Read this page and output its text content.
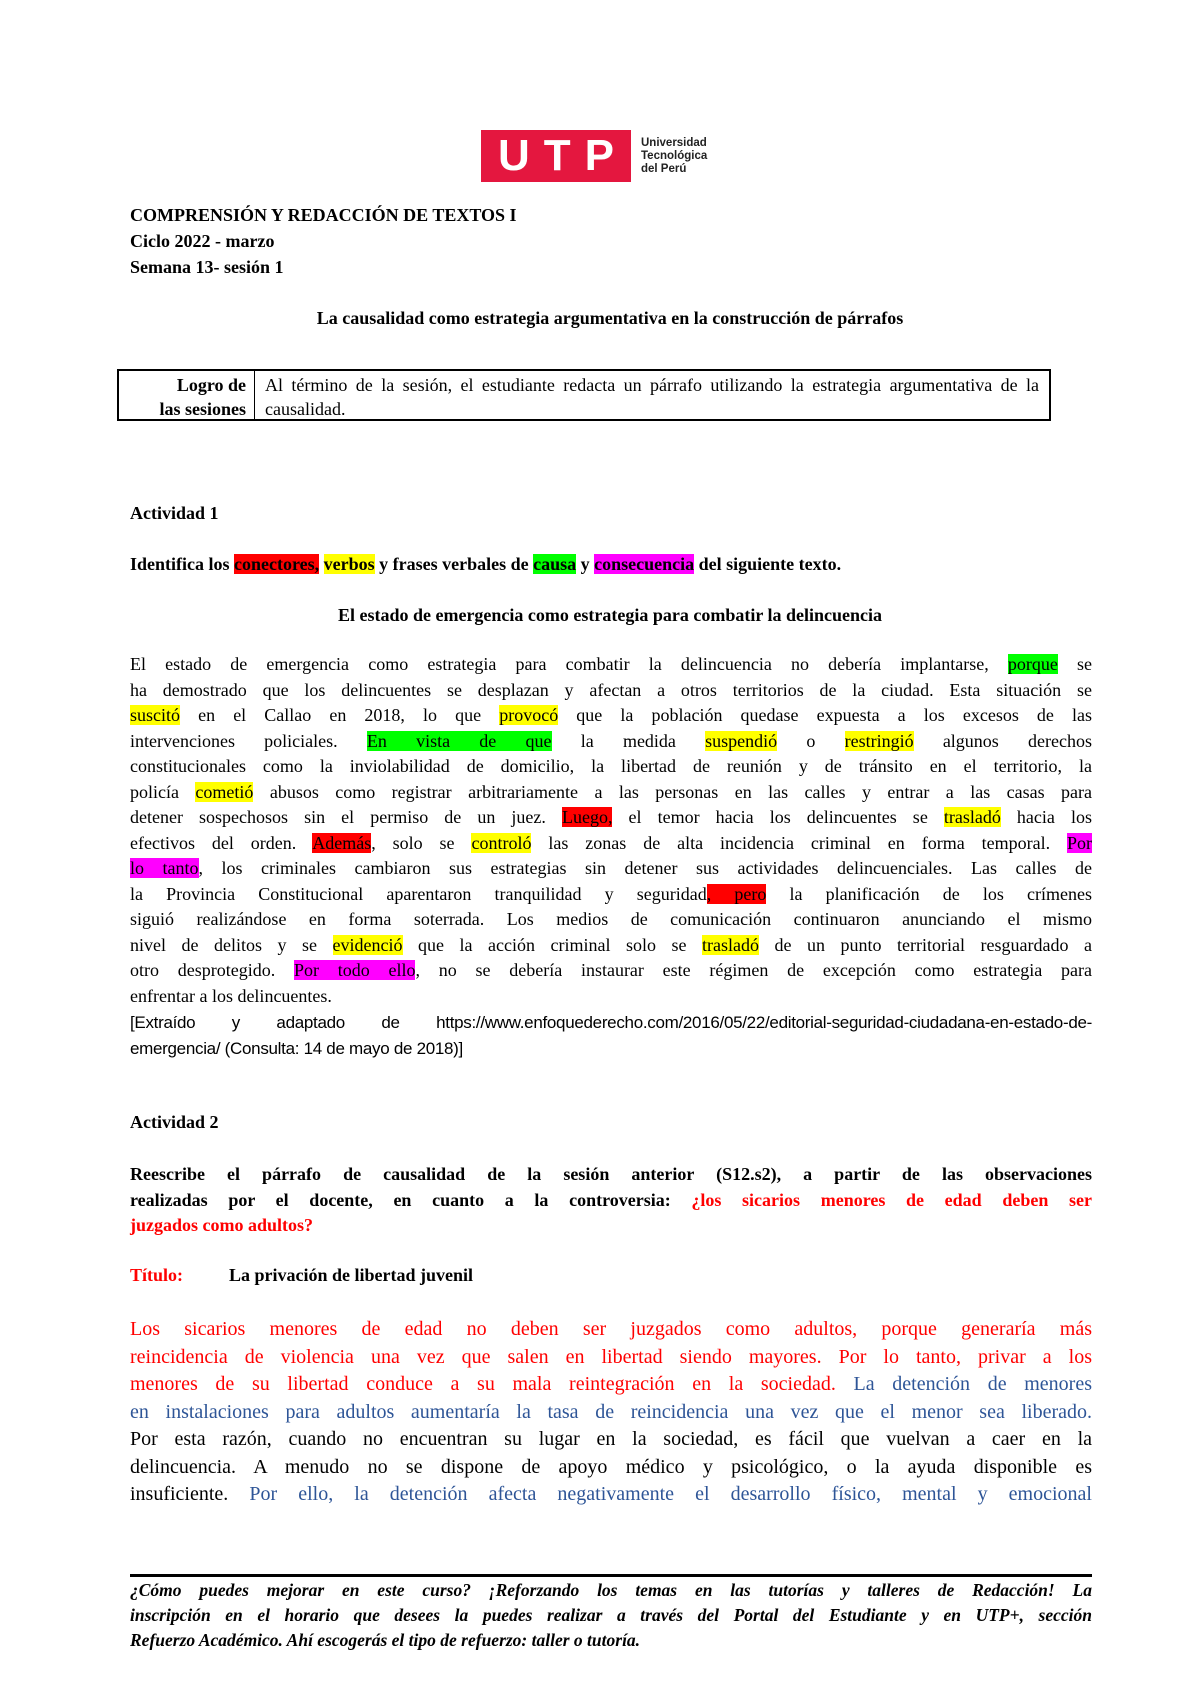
U T P Universidad
Tecnológica
del Perú
COMPRENSIÓN Y REDACCIÓN DE TEXTOS I
Ciclo 2022 - marzo
Semana 13- sesión 1
La causalidad como estrategia argumentativa en la construcción de párrafos
Logro de
las sesiones
Al término de la sesión, el estudiante redacta un párrafo utilizando la estrategia argumentativa de la causalidad.
Actividad 1
Identifica los conectores, verbos y frases verbales de causa y consecuencia del siguiente texto.
El estado de emergencia como estrategia para combatir la delincuencia
El estado de emergencia como estrategia para combatir la delincuencia no debería implantarse, porque se
ha demostrado que los delincuentes se desplazan y afectan a otros territorios de la ciudad. Esta situación se
suscitó en el Callao en 2018, lo que provocó que la población quedase expuesta a los excesos de las
intervenciones policiales. En vista de que la medida suspendió o restringió algunos derechos
constitucionales como la inviolabilidad de domicilio, la libertad de reunión y de tránsito en el territorio, la
policía cometió abusos como registrar arbitrariamente a las personas en las calles y entrar a las casas para
detener sospechosos sin el permiso de un juez. Luego, el temor hacia los delincuentes se trasladó hacia los
efectivos del orden. Además, solo se controló las zonas de alta incidencia criminal en forma temporal. Por
lo tanto, los criminales cambiaron sus estrategias sin detener sus actividades delincuenciales. Las calles de
la Provincia Constitucional aparentaron tranquilidad y seguridad, pero la planificación de los crímenes
siguió realizándose en forma soterrada. Los medios de comunicación continuaron anunciando el mismo
nivel de delitos y se evidenció que la acción criminal solo se trasladó de un punto territorial resguardado a
otro desprotegido. Por todo ello, no se debería instaurar este régimen de excepción como estrategia para
enfrentar a los delincuentes.
[Extraído y adaptado de https://www.enfoquederecho.com/2016/05/22/editorial-seguridad-ciudadana-en-estado-de-
emergencia/ (Consulta: 14 de mayo de 2018)]
Actividad 2
Reescribe el párrafo de causalidad de la sesión anterior (S12.s2), a partir de las observaciones
realizadas por el docente, en cuanto a la controversia: ¿los sicarios menores de edad deben ser
juzgados como adultos?
Título:	La privación de libertad juvenil
Los sicarios menores de edad no deben ser juzgados como adultos, porque generaría más
reincidencia de violencia una vez que salen en libertad siendo mayores. Por lo tanto, privar a los
menores de su libertad conduce a su mala reintegración en la sociedad. La detención de menores
en instalaciones para adultos aumentaría la tasa de reincidencia una vez que el menor sea liberado.
Por esta razón, cuando no encuentran su lugar en la sociedad, es fácil que vuelvan a caer en la
delincuencia. A menudo no se dispone de apoyo médico y psicológico, o la ayuda disponible es
insuficiente. Por ello, la detención afecta negativamente el desarrollo físico, mental y emocional
¿Cómo puedes mejorar en este curso? ¡Reforzando los temas en las tutorías y talleres de Redacción! La
inscripción en el horario que desees la puedes realizar a través del Portal del Estudiante y en UTP+, sección
Refuerzo Académico. Ahí escogerás el tipo de refuerzo: taller o tutoría.
